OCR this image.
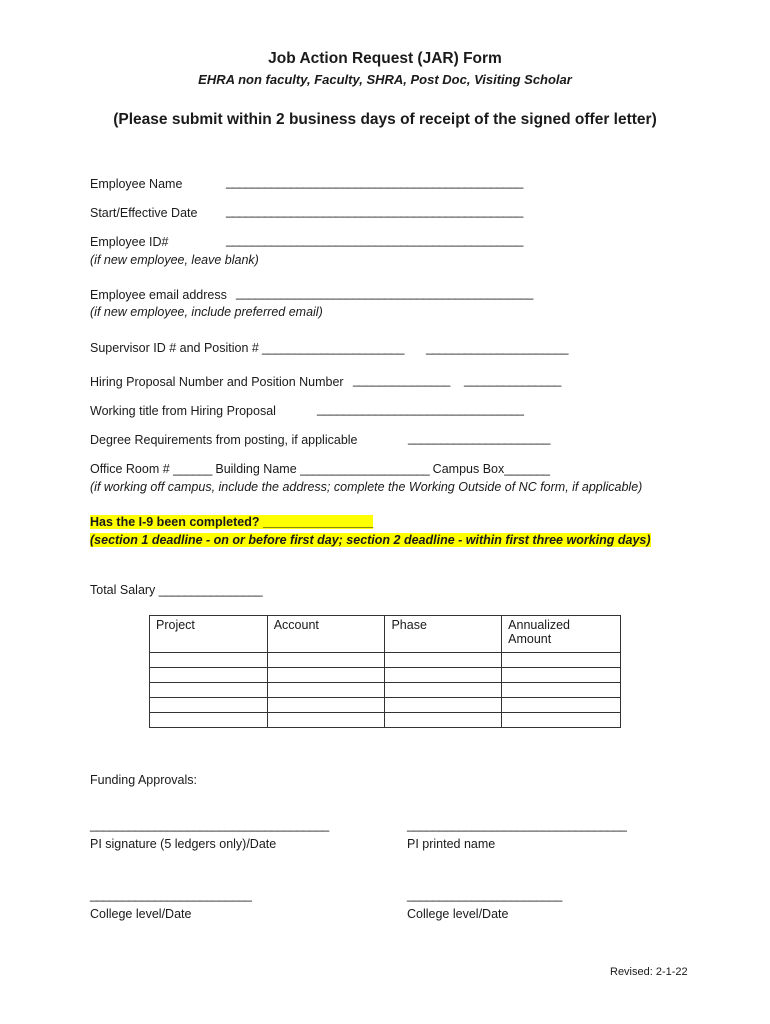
Job Action Request (JAR) Form
EHRA non faculty, Faculty, SHRA, Post Doc, Visiting Scholar
(Please submit within 2 business days of receipt of the signed offer letter)
Employee Name	______________________________________________
Start/Effective Date ______________________________________________
Employee ID#	______________________________________________
(if new employee, leave blank)
Employee email address ______________________________________________
(if new employee, include preferred email)
Supervisor ID # and Position # ______________________ ______________________
Hiring Proposal Number and Position Number _______________ _______________
Working title from Hiring Proposal	________________________________
Degree Requirements from posting, if applicable	______________________
Office Room # ______ Building Name ____________________ Campus Box_______
(if working off campus, include the address; complete the Working Outside of NC form, if applicable)
Has the I-9 been completed? _________________
(section 1 deadline - on or before first day; section 2 deadline - within first three working days)
Total Salary ________________
Project	Account	Phase	Annualized Amount

Funding Approvals:
_____________________________________
PI signature (5 ledgers only)/Date
__________________________________
PI printed name
_________________________
College level/Date
________________________
College level/Date
Revised: 2-1-22
